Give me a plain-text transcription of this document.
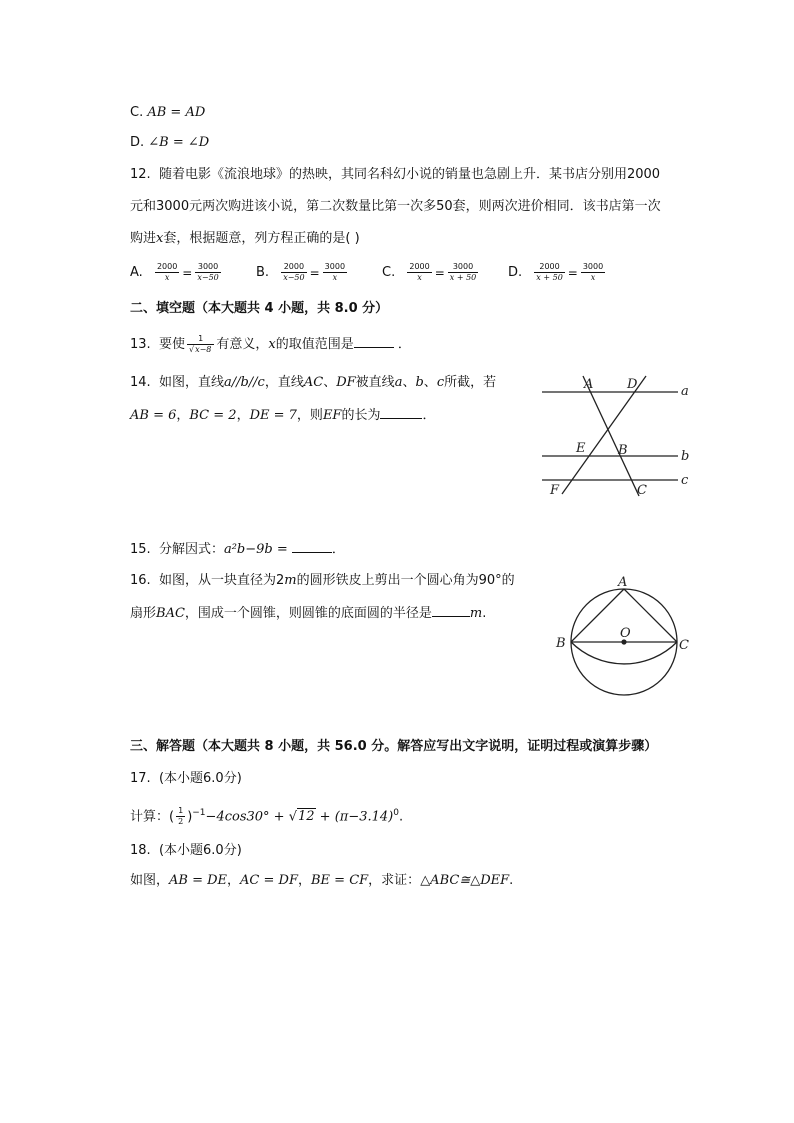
C. AB = AD
D. ∠B = ∠D
12. 随着电影《流浪地球》的热映，其同名科幻小说的销量也急剧上升．某书店分别用2000
元和3000元两次购进该小说，第二次数量比第一次多50套，则两次进价相同．该书店第一次
购进x套，根据题意，列方程正确的是( )
A. $\frac{2000}{x} = \frac{3000}{x-50}$	B. $\frac{2000}{x-50} = \frac{3000}{x}$	C. $\frac{2000}{x} = \frac{3000}{x + 50} D$. $\frac{2000}{x + 50} = \frac{3000}{x}$
二、填空题（本大题共 4 小题，共 8.0 分）
13. 要使 $\frac{1}{√x-8}$ 有意义，x的取值范围是	．
14. 如图，直线a//b//c，直线AC、DF被直线a、b、c所截，若
AB = 6，BC = 2，DE = 7，则EF的长为	．
A	D	a
E	B	b
F	C
c
15. 分解因式：a²b−9b =	．
16. 如图，从一块直径为2m的圆形铁皮上剪出一个圆心角为90°的
扇形BAC，围成一个圆锥，则圆锥的底面圆的半径是	m.
A
O
B	C
三、解答题（本大题共 8 小题，共 56.0 分。解答应写出文字说明，证明过程或演算步骤）
17. (本小题6.0分)
计算：( $\frac{1}{2} )^{-1}-4\cos 30^\circ + √12 + (\pi-3.14)^0$.
18. (本小题6.0分)
如图，AB = DE，AC = DF，BE = CF，求证：△ABC≅△DEF.
